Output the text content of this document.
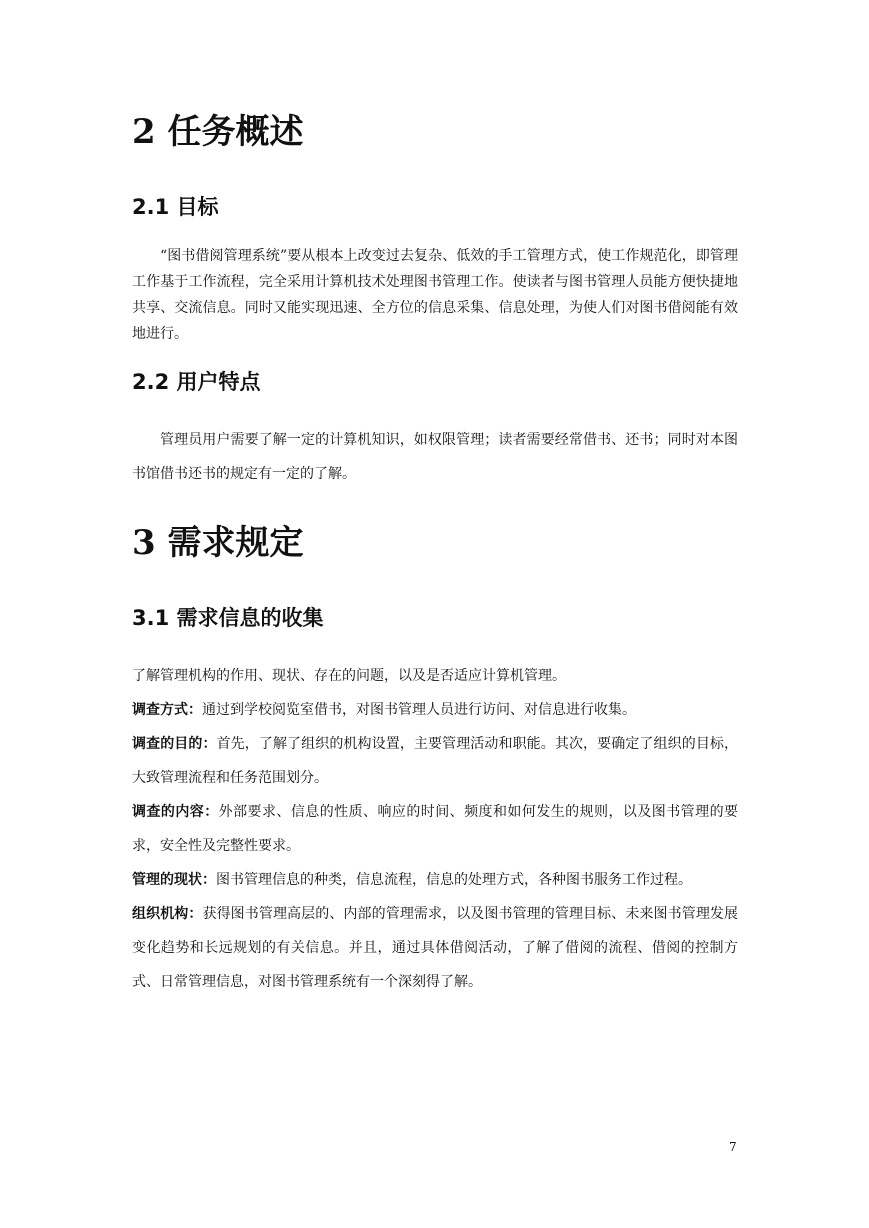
2 任务概述
2.1 目标

“图书借阅管理系统”要从根本上改变过去复杂、低效的手工管理方式，使工作规范化，即管理工作基于工作流程，完全采用计算机技术处理图书管理工作。使读者与图书管理人员能方便快捷地共享、交流信息。同时又能实现迅速、全方位的信息采集、信息处理，为使人们对图书借阅能有效地进行。

2.2 用户特点

管理员用户需要了解一定的计算机知识，如权限管理；读者需要经常借书、还书；同时对本图书馆借书还书的规定有一定的了解。

3 需求规定
3.1 需求信息的收集

了解管理机构的作用、现状、存在的问题，以及是否适应计算机管理。

调查方式：通过到学校阅览室借书，对图书管理人员进行访问、对信息进行收集。

调查的目的：首先，了解了组织的机构设置，主要管理活动和职能。其次，要确定了组织的目标，大致管理流程和任务范围划分。

调查的内容：外部要求、信息的性质、响应的时间、频度和如何发生的规则，以及图书管理的要求，安全性及完整性要求。

管理的现状：图书管理信息的种类，信息流程，信息的处理方式，各种图书服务工作过程。

组织机构：获得图书管理高层的、内部的管理需求，以及图书管理的管理目标、未来图书管理发展变化趋势和长远规划的有关信息。并且，通过具体借阅活动，了解了借阅的流程、借阅的控制方式、日常管理信息，对图书管理系统有一个深刻得了解。

7
